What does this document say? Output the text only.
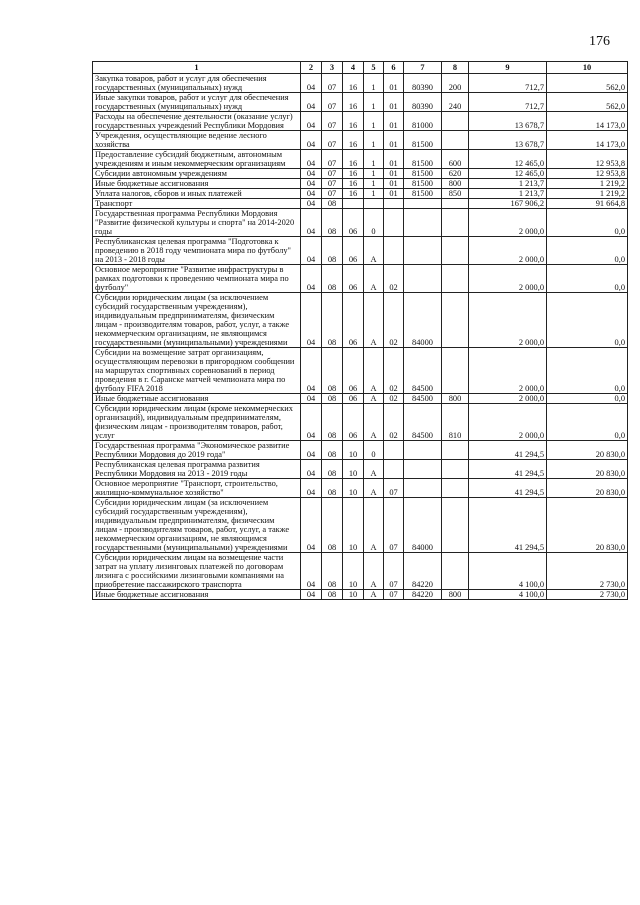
176
1	2	3	4	5	6	7	8	9	10
Закупка товаров, работ и услуг для обеспечения государственных (муниципальных) нужд	04	07	16	1	01	80390	200	712,7	562,0
Иные закупки товаров, работ и услуг для обеспечения государственных (муниципальных) нужд	04	07	16	1	01	80390	240	712,7	562,0
Расходы на обеспечение деятельности (оказание услуг) государственных учреждений Республики Мордовия	04	07	16	1	01	81000		13 678,7	14 173,0
Учреждения, осуществляющие ведение лесного хозяйства	04	07	16	1	01	81500		13 678,7	14 173,0
Предоставление субсидий бюджетным, автономным учреждениям и иным некоммерческим организациям	04	07	16	1	01	81500	600	12 465,0	12 953,8
Субсидии автономным учреждениям	04	07	16	1	01	81500	620	12 465,0	12 953,8
Иные бюджетные ассигнования	04	07	16	1	01	81500	800	1 213,7	1 219,2
Уплата налогов, сборов и иных платежей	04	07	16	1	01	81500	850	1 213,7	1 219,2
Транспорт	04	08						167 906,2	91 664,8
Государственная программа Республики Мордовия "Развитие физической культуры и спорта" на 2014-2020 годы	04	08	06	0				2 000,0	0,0
Республиканская целевая программа "Подготовка к проведению в 2018 году чемпионата мира по футболу" на 2013 - 2018 годы	04	08	06	А				2 000,0	0,0
Основное мероприятие "Развитие инфраструктуры в рамках подготовки к проведению чемпионата мира по футболу"	04	08	06	А	02			2 000,0	0,0
Субсидии юридическим лицам (за исключением субсидий государственным учреждениям), индивидуальным предпринимателям, физическим лицам - производителям товаров, работ, услуг, а также некоммерческим организациям, не являющимся государственными (муниципальными) учреждениями	04	08	06	А	02	84000		2 000,0	0,0
Субсидии на возмещение затрат организациям, осуществляющим перевозки в пригородном сообщении на маршрутах спортивных соревнований в период проведения в г. Саранске матчей чемпионата мира по футболу FIFA 2018	04	08	06	А	02	84500		2 000,0	0,0
Иные бюджетные ассигнования	04	08	06	А	02	84500	800	2 000,0	0,0
Субсидии юридическим лицам (кроме некоммерческих организаций), индивидуальным предпринимателям, физическим лицам - производителям товаров, работ, услуг	04	08	06	А	02	84500	810	2 000,0	0,0
Государственная программа "Экономическое развитие Республики Мордовия до 2019 года"	04	08	10	0				41 294,5	20 830,0
Республиканская целевая программа развития Республики Мордовия на 2013 - 2019 годы	04	08	10	А				41 294,5	20 830,0
Основное мероприятие "Транспорт, строительство, жилищно-коммунальное хозяйство"	04	08	10	А	07			41 294,5	20 830,0
Субсидии юридическим лицам (за исключением субсидий государственным учреждениям), индивидуальным предпринимателям, физическим лицам - производителям товаров, работ, услуг, а также некоммерческим организациям, не являющимся государственными (муниципальными) учреждениями	04	08	10	А	07	84000		41 294,5	20 830,0
Субсидии юридическим лицам на возмещение части затрат на уплату лизинговых платежей по договорам лизинга с российскими лизинговыми компаниями на приобретение пассажирского транспорта	04	08	10	А	07	84220		4 100,0	2 730,0
Иные бюджетные ассигнования	04	08	10	А	07	84220	800	4 100,0	2 730,0
